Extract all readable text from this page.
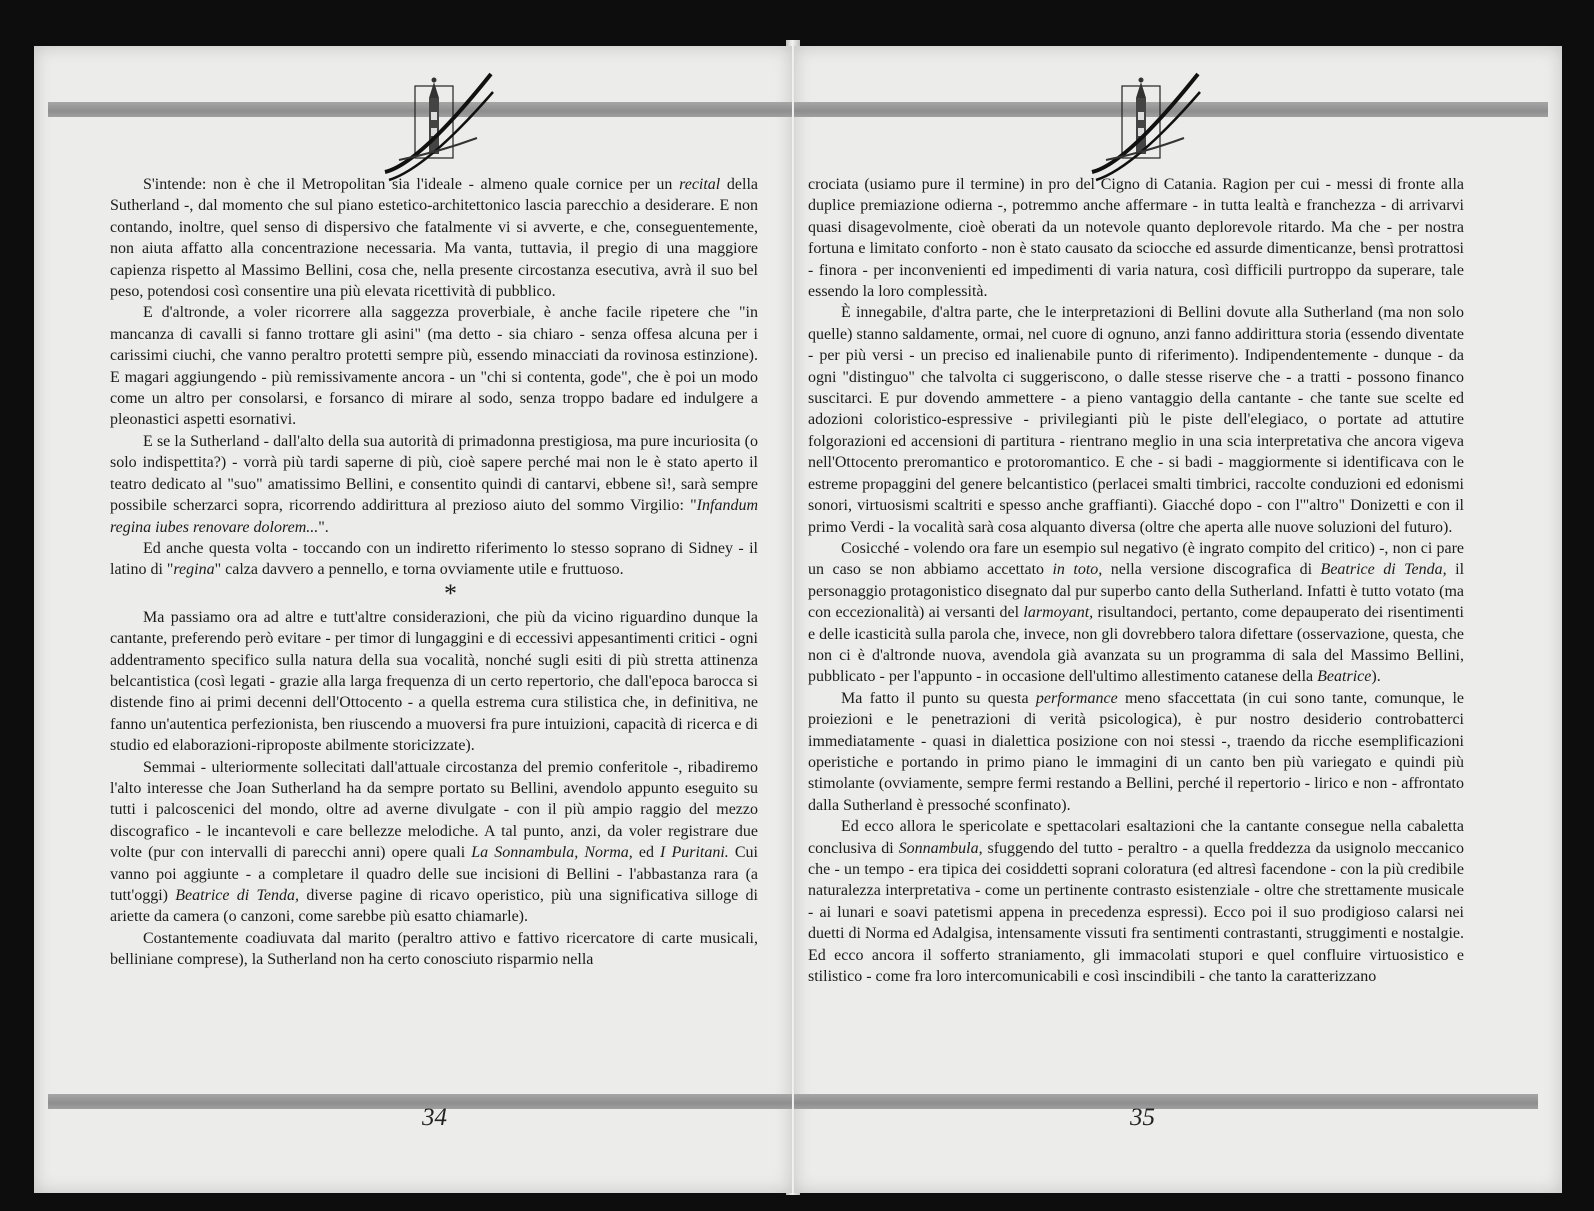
S'intende: non è che il Metropolitan sia l'ideale - almeno quale cornice per un recital della Sutherland -, dal momento che sul piano estetico-architettonico lascia parecchio a desiderare. E non contando, inoltre, quel senso di dispersivo che fatalmente vi si avverte, e che, conseguentemente, non aiuta affatto alla concentrazione necessaria. Ma vanta, tuttavia, il pregio di una maggiore capienza rispetto al Massimo Bellini, cosa che, nella presente circostanza esecutiva, avrà il suo bel peso, potendosi così consentire una più elevata ricettività di pubblico.

E d'altronde, a voler ricorrere alla saggezza proverbiale, è anche facile ripetere che "in mancanza di cavalli si fanno trottare gli asini" (ma detto - sia chiaro - senza offesa alcuna per i carissimi ciuchi, che vanno peraltro protetti sempre più, essendo minacciati da rovinosa estinzione). E magari aggiungendo - più remissivamente ancora - un "chi si contenta, gode", che è poi un modo come un altro per consolarsi, e forsanco di mirare al sodo, senza troppo badare ed indulgere a pleonastici aspetti esornativi.

E se la Sutherland - dall'alto della sua autorità di primadonna prestigiosa, ma pure incuriosita (o solo indispettita?) - vorrà più tardi saperne di più, cioè sapere perché mai non le è stato aperto il teatro dedicato al "suo" amatissimo Bellini, e consentito quindi di cantarvi, ebbene sì!, sarà sempre possibile scherzarci sopra, ricorrendo addirittura al prezioso aiuto del sommo Virgilio: "Infandum regina iubes renovare dolorem...".

Ed anche questa volta - toccando con un indiretto riferimento lo stesso soprano di Sidney - il latino di "regina" calza davvero a pennello, e torna ovviamente utile e fruttuoso.

*

Ma passiamo ora ad altre e tutt'altre considerazioni, che più da vicino riguardino dunque la cantante, preferendo però evitare - per timor di lungaggini e di eccessivi appesantimenti critici - ogni addentramento specifico sulla natura della sua vocalità, nonché sugli esiti di più stretta attinenza belcantistica (così legati - grazie alla larga frequenza di un certo repertorio, che dall'epoca barocca si distende fino ai primi decenni dell'Ottocento - a quella estrema cura stilistica che, in definitiva, ne fanno un'autentica perfezionista, ben riuscendo a muoversi fra pure intuizioni, capacità di ricerca e di studio ed elaborazioni-riproposte abilmente storicizzate).

Semmai - ulteriormente sollecitati dall'attuale circostanza del premio conferitole -, ribadiremo l'alto interesse che Joan Sutherland ha da sempre portato su Bellini, avendolo appunto eseguito su tutti i palcoscenici del mondo, oltre ad averne divulgate - con il più ampio raggio del mezzo discografico - le incantevoli e care bellezze melodiche. A tal punto, anzi, da voler registrare due volte (pur con intervalli di parecchi anni) opere quali La Sonnambula, Norma, ed I Puritani. Cui vanno poi aggiunte - a completare il quadro delle sue incisioni di Bellini - l'abbastanza rara (a tutt'oggi) Beatrice di Tenda, diverse pagine di ricavo operistico, più una significativa silloge di ariette da camera (o canzoni, come sarebbe più esatto chiamarle).

Costantemente coadiuvata dal marito (peraltro attivo e fattivo ricercatore di carte musicali, belliniane comprese), la Sutherland non ha certo conosciuto risparmio nella

34

crociata (usiamo pure il termine) in pro del Cigno di Catania. Ragion per cui - messi di fronte alla duplice premiazione odierna -, potremmo anche affermare - in tutta lealtà e franchezza - di arrivarvi quasi disagevolmente, cioè oberati da un notevole quanto deplorevole ritardo. Ma che - per nostra fortuna e limitato conforto - non è stato causato da sciocche ed assurde dimenticanze, bensì protrattosi - finora - per inconvenienti ed impedimenti di varia natura, così difficili purtroppo da superare, tale essendo la loro complessità.

È innegabile, d'altra parte, che le interpretazioni di Bellini dovute alla Sutherland (ma non solo quelle) stanno saldamente, ormai, nel cuore di ognuno, anzi fanno addirittura storia (essendo diventate - per più versi - un preciso ed inalienabile punto di riferimento). Indipendentemente - dunque - da ogni "distinguo" che talvolta ci suggeriscono, o dalle stesse riserve che - a tratti - possono financo suscitarci. E pur dovendo ammettere - a pieno vantaggio della cantante - che tante sue scelte ed adozioni coloristico-espressive - privilegianti più le piste dell'elegiaco, o portate ad attutire folgorazioni ed accensioni di partitura - rientrano meglio in una scia interpretativa che ancora vigeva nell'Ottocento preromantico e protoromantico. E che - si badi - maggiormente si identificava con le estreme propaggini del genere belcantistico (perlacei smalti timbrici, raccolte conduzioni ed edonismi sonori, virtuosismi scaltriti e spesso anche graffianti). Giacché dopo - con l'"altro" Donizetti e con il primo Verdi - la vocalità sarà cosa alquanto diversa (oltre che aperta alle nuove soluzioni del futuro).

Cosicché - volendo ora fare un esempio sul negativo (è ingrato compito del critico) -, non ci pare un caso se non abbiamo accettato in toto, nella versione discografica di Beatrice di Tenda, il personaggio protagonistico disegnato dal pur superbo canto della Sutherland. Infatti è tutto votato (ma con eccezionalità) ai versanti del larmoyant, risultandoci, pertanto, come depauperato dei risentimenti e delle icasticità sulla parola che, invece, non gli dovrebbero talora difettare (osservazione, questa, che non ci è d'altronde nuova, avendola già avanzata su un programma di sala del Massimo Bellini, pubblicato - per l'appunto - in occasione dell'ultimo allestimento catanese della Beatrice).

Ma fatto il punto su questa performance meno sfaccettata (in cui sono tante, comunque, le proiezioni e le penetrazioni di verità psicologica), è pur nostro desiderio controbatterci immediatamente - quasi in dialettica posizione con noi stessi -, traendo da ricche esemplificazioni operistiche e portando in primo piano le immagini di un canto ben più variegato e quindi più stimolante (ovviamente, sempre fermi restando a Bellini, perché il repertorio - lirico e non - affrontato dalla Sutherland è pressoché sconfinato).

Ed ecco allora le spericolate e spettacolari esaltazioni che la cantante consegue nella cabaletta conclusiva di Sonnambula, sfuggendo del tutto - peraltro - a quella freddezza da usignolo meccanico che - un tempo - era tipica dei cosiddetti soprani coloratura (ed altresì facendone - con la più credibile naturalezza interpretativa - come un pertinente contrasto esistenziale - oltre che strettamente musicale - ai lunari e soavi patetismi appena in precedenza espressi). Ecco poi il suo prodigioso calarsi nei duetti di Norma ed Adalgisa, intensamente vissuti fra sentimenti contrastanti, struggimenti e nostalgie. Ed ecco ancora il sofferto straniamento, gli immacolati stupori e quel confluire virtuosistico e stilistico - come fra loro intercomunicabili e così inscindibili - che tanto la caratterizzano

35
